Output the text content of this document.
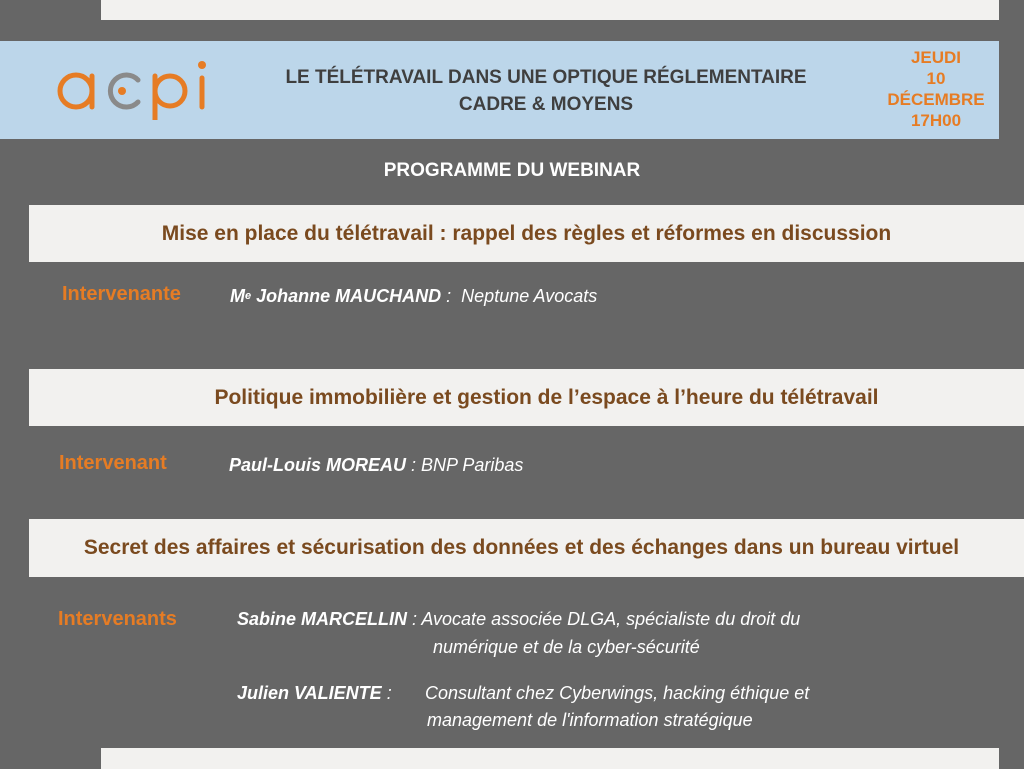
LE TÉLÉTRAVAIL DANS UNE OPTIQUE RÉGLEMENTAIRE
CADRE & MOYENS
JEUDI
10
DÉCEMBRE
17H00
PROGRAMME DU WEBINAR
Mise en place du télétravail : rappel des règles et réformes en discussion
Intervenante	Me Johanne MAUCHAND :  Neptune Avocats
Politique immobilière et gestion de l’espace à l’heure du télétravail
Intervenant	Paul-Louis MOREAU : BNP Paribas
Secret des affaires et sécurisation des données et des échanges dans un bureau virtuel
Intervenants	Sabine MARCELLIN : Avocate associée DLGA, spécialiste du droit du
numérique et de la cyber-sécurité
Julien VALIENTE : Consultant chez Cyberwings, hacking éthique et
management de l'information stratégique
